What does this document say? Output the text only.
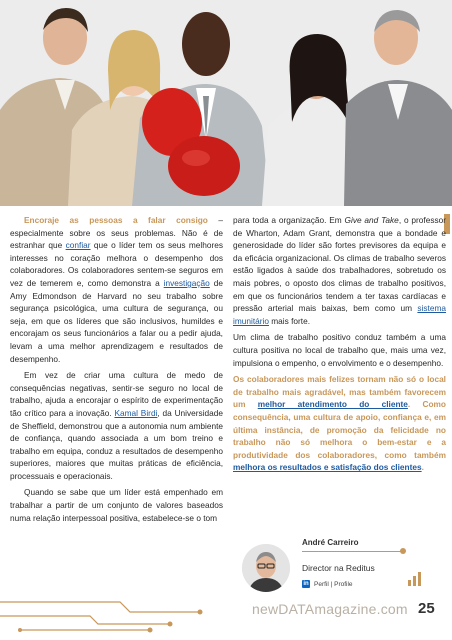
Encoraje as pessoas a falar consigo – especialmente sobre os seus problemas. Não é de estranhar que confiar que o líder tem os seus melhores interesses no coração melhora o desempenho dos colaboradores. Os colaboradores sentem-se seguros em vez de temerem e, como demonstra a investigação de Amy Edmondson de Harvard no seu trabalho sobre segurança psicológica, uma cultura de segurança, ou seja, em que os líderes que são inclusivos, humildes e encorajam os seus funcionários a falar ou a pedir ajuda, levam a uma melhor aprendizagem e resultados de desempenho.

Em vez de criar uma cultura de medo de consequências negativas, sentir-se seguro no local de trabalho, ajuda a encorajar o espírito de experimentação tão crítico para a inovação. Kamal Birdi, da Universidade de Sheffield, demonstrou que a autonomia num ambiente de confiança, quando associada a um bom treino e trabalho em equipa, conduz a resultados de desempenho superiores, maiores que muitas práticas de eficiência, processuais e operacionais.

Quando se sabe que um líder está empenhado em trabalhar a partir de um conjunto de valores baseados numa relação interpessoal positiva, estabelece-se o tom

para toda a organização. Em Give and Take, o professor de Wharton, Adam Grant, demonstra que a bondade e generosidade do líder são fortes previsores da equipa e da eficácia organizacional. Os climas de trabalho severos estão ligados à saúde dos trabalhadores, sobretudo os mais pobres, o oposto dos climas de trabalho positivos, em que os funcionários tendem a ter taxas cardíacas e pressão arterial mais baixas, bem como um sistema imunitário mais forte.

Um clima de trabalho positivo conduz também a uma cultura positiva no local de trabalho que, mais uma vez, impulsiona o empenho, o envolvimento e o desempenho.

Os colaboradores mais felizes tornam não só o local de trabalho mais agradável, mas também favorecem um melhor atendimento do cliente. Como consequência, uma cultura de apoio, confiança e, em última instância, de promoção da felicidade no trabalho não só melhora o bem-estar e a produtividade dos colaboradores, como também melhora os resultados e satisfação dos clientes.

André Carreiro
Director na Reditus
in Perfil | Profile
newDATAmagazine.com 25
